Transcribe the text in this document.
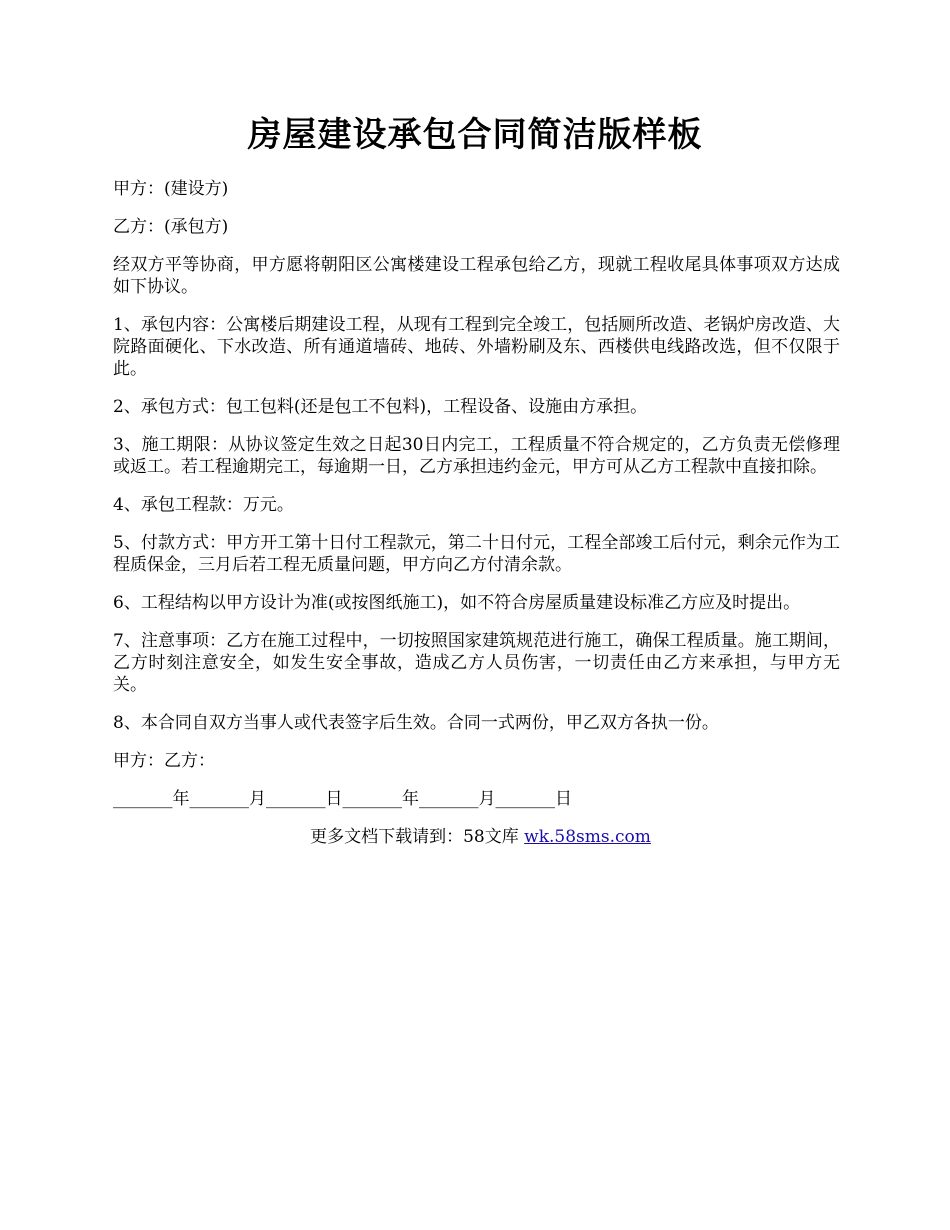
房屋建设承包合同简洁版样板

甲方：(建设方)

乙方：(承包方)

经双方平等协商，甲方愿将朝阳区公寓楼建设工程承包给乙方，现就工程收尾具体事项双方达成如下协议。

1、承包内容：公寓楼后期建设工程，从现有工程到完全竣工，包括厕所改造、老锅炉房改造、大院路面硬化、下水改造、所有通道墙砖、地砖、外墙粉刷及东、西楼供电线路改选，但不仅限于此。

2、承包方式：包工包料(还是包工不包料)，工程设备、设施由方承担。

3、施工期限：从协议签定生效之日起30日内完工，工程质量不符合规定的，乙方负责无偿修理或返工。若工程逾期完工，每逾期一日，乙方承担违约金元，甲方可从乙方工程款中直接扣除。

4、承包工程款：万元。

5、付款方式：甲方开工第十日付工程款元，第二十日付元，工程全部竣工后付元，剩余元作为工程质保金，三月后若工程无质量问题，甲方向乙方付清余款。

6、工程结构以甲方设计为准(或按图纸施工)，如不符合房屋质量建设标准乙方应及时提出。

7、注意事项：乙方在施工过程中，一切按照国家建筑规范进行施工，确保工程质量。施工期间，乙方时刻注意安全，如发生安全事故，造成乙方人员伤害，一切责任由乙方来承担，与甲方无关。

8、本合同自双方当事人或代表签字后生效。合同一式两份，甲乙双方各执一份。

甲方：乙方：

_______年_______月_______日_______年_______月_______日

更多文档下载请到：58文库 wk.58sms.com
